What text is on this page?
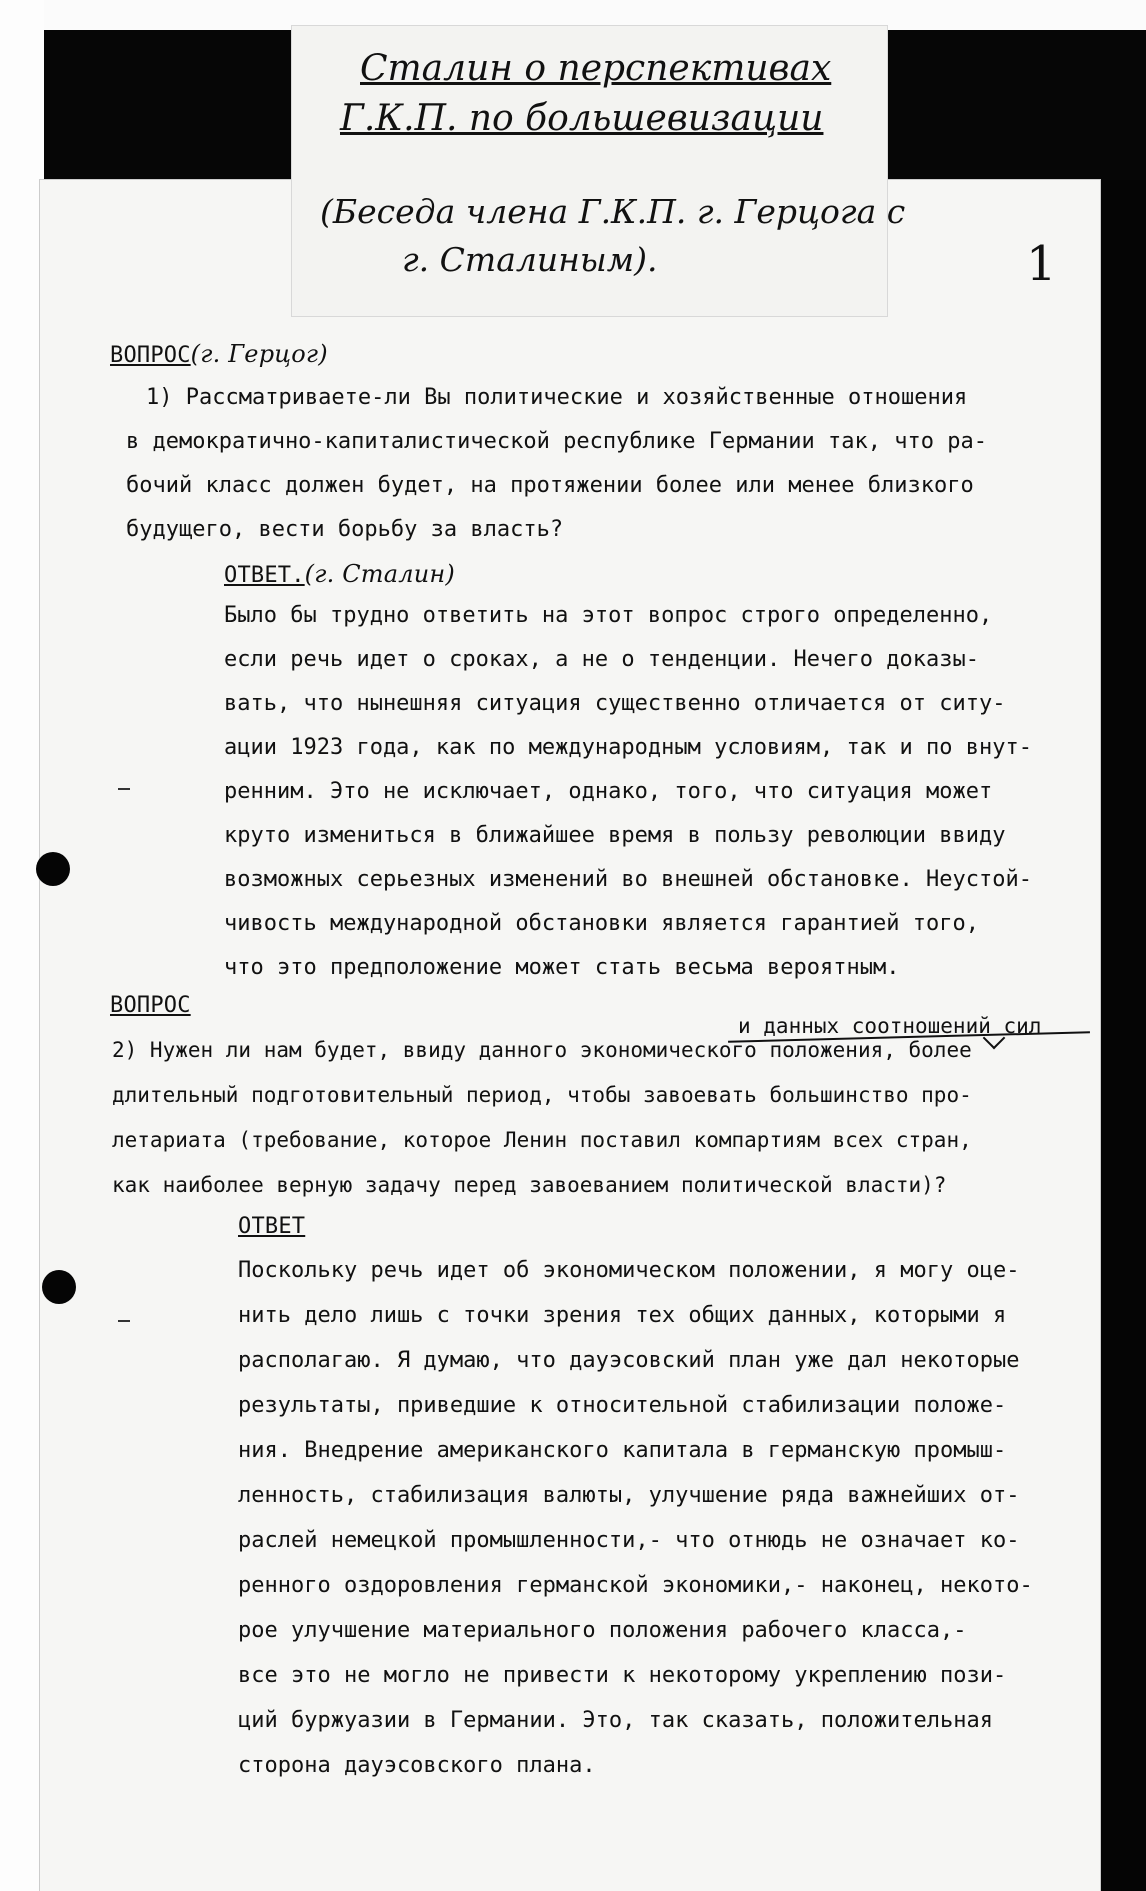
Сталин о перспективах
Г.К.П. по большевизации
(Беседа члена Г.К.П. г. Герцога с
г. Сталиным).	1
ВОПРОС(г. Герцог)
1) Рассматриваете-ли Вы политические и хозяйственные отношения
в демократично-капиталистической республике Германии так, что ра-
бочий класс должен будет, на протяжении более или менее близкого
будущего, вести борьбу за власть?
ОТВЕТ.(г. Сталин)
Было бы трудно ответить на этот вопрос строго определенно,
если речь идет о сроках, а не о тенденции. Нечего доказы-
вать, что нынешняя ситуация существенно отличается от ситу-
ации 1923 года, как по международным условиям, так и по внут-
ренним. Это не исключает, однако, того, что ситуация может
круто измениться в ближайшее время в пользу революции ввиду
возможных серьезных изменений во внешней обстановке. Неустой-
чивость международной обстановки является гарантией того,
что это предположение может стать весьма вероятным.
ВОПРОС
и данных соотношений сил
2) Нужен ли нам будет, ввиду данного экономического положения, более
длительный подготовительный период, чтобы завоевать большинство про-
летариата (требование, которое Ленин поставил компартиям всех стран,
как наиболее верную задачу перед завоеванием политической власти)?
ОТВЕТ
Поскольку речь идет об экономическом положении, я могу оце-
нить дело лишь с точки зрения тех общих данных, которыми я
располагаю. Я думаю, что дауэсовский план уже дал некоторые
результаты, приведшие к относительной стабилизации положе-
ния. Внедрение американского капитала в германскую промыш-
ленность, стабилизация валюты, улучшение ряда важнейших от-
раслей немецкой промышленности,- что отнюдь не означает ко-
ренного оздоровления германской экономики,- наконец, некото-
рое улучшение материального положения рабочего класса,-
все это не могло не привести к некоторому укреплению пози-
ций буржуазии в Германии. Это, так сказать, положительная
сторона дауэсовского плана.
